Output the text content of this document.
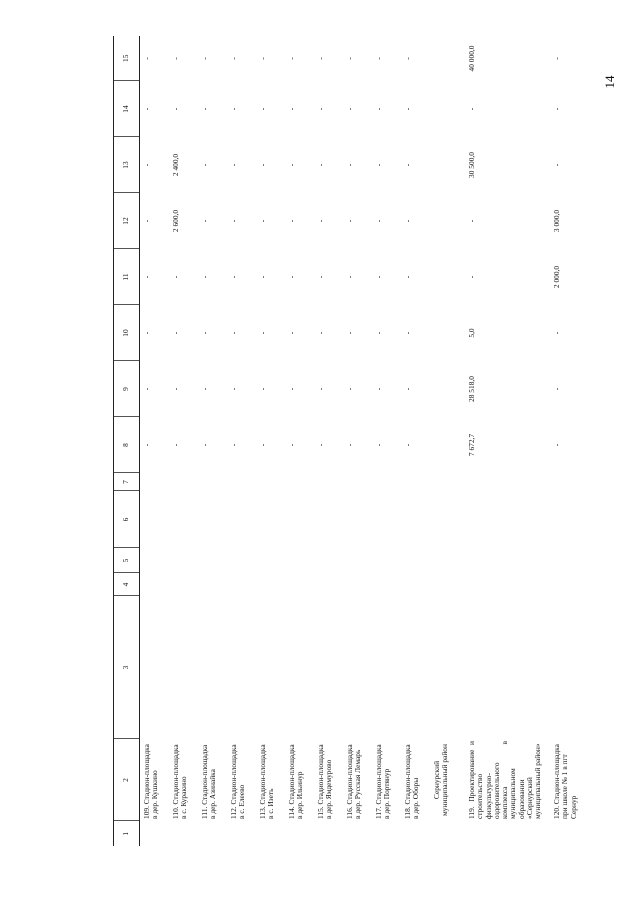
14
1	2	3	4	5	6	7	8	9	10	11	12	13	14	15
	109. Стадион-площадка в дер. Кушкино						-	-	-	-	-	-	-	-
	110. Стадион-площадка в с. Куракино						-	-	-	-	2 600,0	2 400,0	-	-
	111. Стадион-площадка в дер. Азинайка						-	-	-	-	-	-	-	-
	112. Стадион-площадка в с. Елеево						-	-	-	-	-	-	-	-
	113. Стадион-площадка в с. Изеть						-	-	-	-	-	-	-	-
	114. Стадион-площадка в дер. Ильинур						-	-	-	-	-	-	-	-
	115. Стадион-площадка в дер. Ямдемурово						-	-	-	-	-	-	-	-
	116. Стадион-площадка в дер. Русская Лемарь						-	-	-	-	-	-	-	-
	117. Стадион-площадка в дер. Портянур						-	-	-	-	-	-	-	-
	118. Стадион-площадка в дер. Оборы						-	-	-	-	-	-	-	-
	Сернурский
муниципальный район													
	119. Проектирование и строительство физкультурно-оздоровительного комплекса в муниципальном образовании «Сернурский муниципальный район»						7 672,7	28 518,0	5,0	-	-	30 500,0	-	40 000,0
	120. Стадион-площадка при школе № 1 в пгт Сернур						-	-	-	2 000,0	3 000,0	-	-	-
